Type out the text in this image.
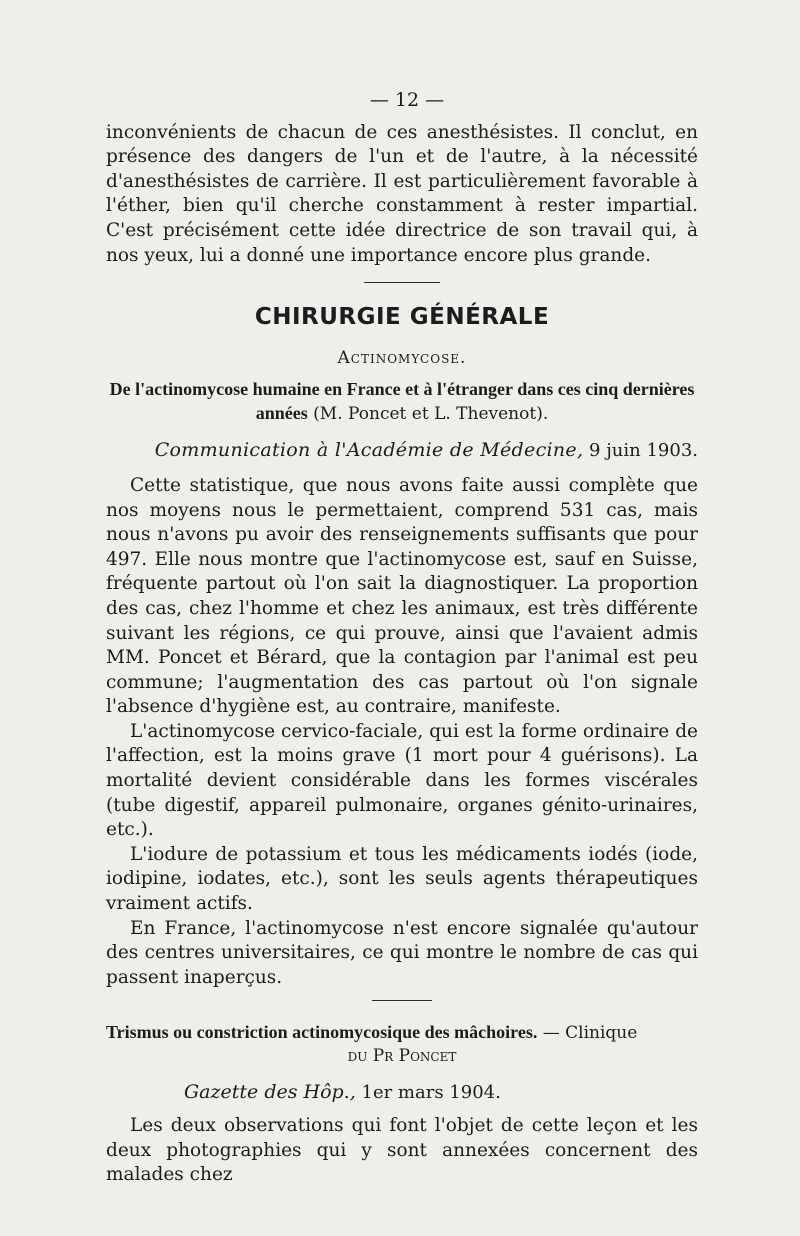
— 12 —

inconvénients de chacun de ces anesthésistes. Il conclut, en présence des dangers de l'un et de l'autre, à la nécessité d'anesthésistes de carrière. Il est particulièrement favorable à l'éther, bien qu'il cherche constamment à rester impartial. C'est précisément cette idée directrice de son travail qui, à nos yeux, lui a donné une importance encore plus grande.

CHIRURGIE GÉNÉRALE
Actinomycose.
De l'actinomycose humaine en France et à l'étranger dans ces cinq dernières années (M. Poncet et L. Thevenot).
Communication à l'Académie de Médecine, 9 juin 1903.

Cette statistique, que nous avons faite aussi complète que nos moyens nous le permettaient, comprend 531 cas, mais nous n'avons pu avoir des renseignements suffisants que pour 497. Elle nous montre que l'actinomycose est, sauf en Suisse, fréquente partout où l'on sait la diagnostiquer. La proportion des cas, chez l'homme et chez les animaux, est très différente suivant les régions, ce qui prouve, ainsi que l'avaient admis MM. Poncet et Bérard, que la contagion par l'animal est peu commune; l'augmentation des cas partout où l'on signale l'absence d'hygiène est, au contraire, manifeste.

L'actinomycose cervico-faciale, qui est la forme ordinaire de l'affection, est la moins grave (1 mort pour 4 guérisons). La mortalité devient considérable dans les formes viscérales (tube digestif, appareil pulmonaire, organes génito-urinaires, etc.).

L'iodure de potassium et tous les médicaments iodés (iode, iodipine, iodates, etc.), sont les seuls agents thérapeutiques vraiment actifs.

En France, l'actinomycose n'est encore signalée qu'autour des centres universitaires, ce qui montre le nombre de cas qui passent inaperçus.

Trismus ou constriction actinomycosique des mâchoires. — Clinique
du Pr Poncet
Gazette des Hôp., 1er mars 1904.

Les deux observations qui font l'objet de cette leçon et les deux photographies qui y sont annexées concernent des malades chez
